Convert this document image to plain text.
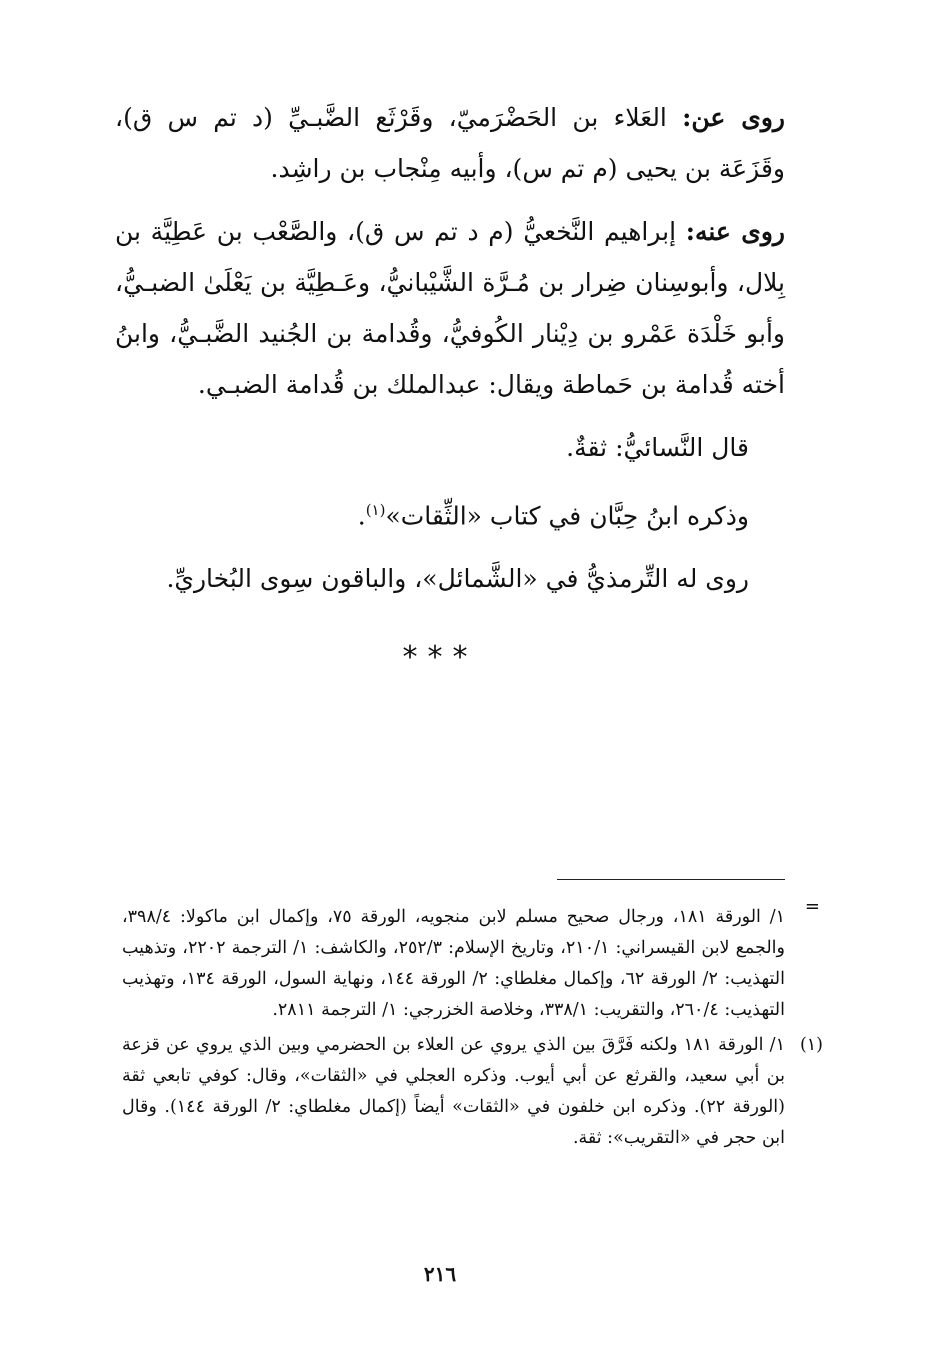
روى عن: العَلاء بن الحَضْرَميّ، وقَرْثَع الضَّبـيِّ (د تم س ق)، وقَزَعَة بن يحيى (م تم س)، وأبيه مِنْجاب بن راشِد.

روى عنه: إبراهيم النَّخعيُّ (م د تم س ق)، والصَّعْب بن عَطِيَّة بن بِلال، وأبوسِنان ضِرار بن مُـرَّة الشَّيْبانيُّ، وعَـطِيَّة بن يَعْلَىٰ الضبـيُّ، وأبو خَلْدَة عَمْرو بن دِيْنار الكُوفيُّ، وقُدامة بن الجُنيد الضَّبـيُّ، وابنُ أخته قُدامة بن حَماطة ويقال: عبدالملك بن قُدامة الضبـي.

قال النَّسائيُّ: ثقةٌ.

وذكره ابنُ حِبَّان في كتاب «الثِّقات»$^{(١)}$.

روى له التِّرمذيُّ في «الشَّمائل»، والباقون سِوى البُخاريِّ.

***
=

١/ الورقة ١٨١، ورجال صحيح مسلم لابن منجويه، الورقة ٧٥، وإكمال ابن ماكولا: ٣٩٨/٤، والجمع لابن القيسراني: ٢١٠/١، وتاريخ الإسلام: ٢٥٢/٣، والكاشف: ١/ الترجمة ٢٢٠٢، وتذهيب التهذيب: ٢/ الورقة ٦٢، وإكمال مغلطاي: ٢/ الورقة ١٤٤، ونهاية السول، الورقة ١٣٤، وتهذيب التهذيب: ٢٦٠/٤، والتقريب: ٣٣٨/١، وخلاصة الخزرجي: ١/ الترجمة ٢٨١١.

(١)
١/ الورقة ١٨١ ولكنه فَرَّقَ بين الذي يروي عن العلاء بن الحضرمي وبين الذي يروي عن قزعة بن أبي سعيد، والقرثع عن أبي أيوب. وذكره العجلي في «الثقات»، وقال: كوفي تابعي ثقة (الورقة ٢٢). وذكره ابن خلفون في «الثقات» أيضاً (إكمال مغلطاي: ٢/ الورقة ١٤٤). وقال ابن حجر في «التقريب»: ثقة.

٢١٦
